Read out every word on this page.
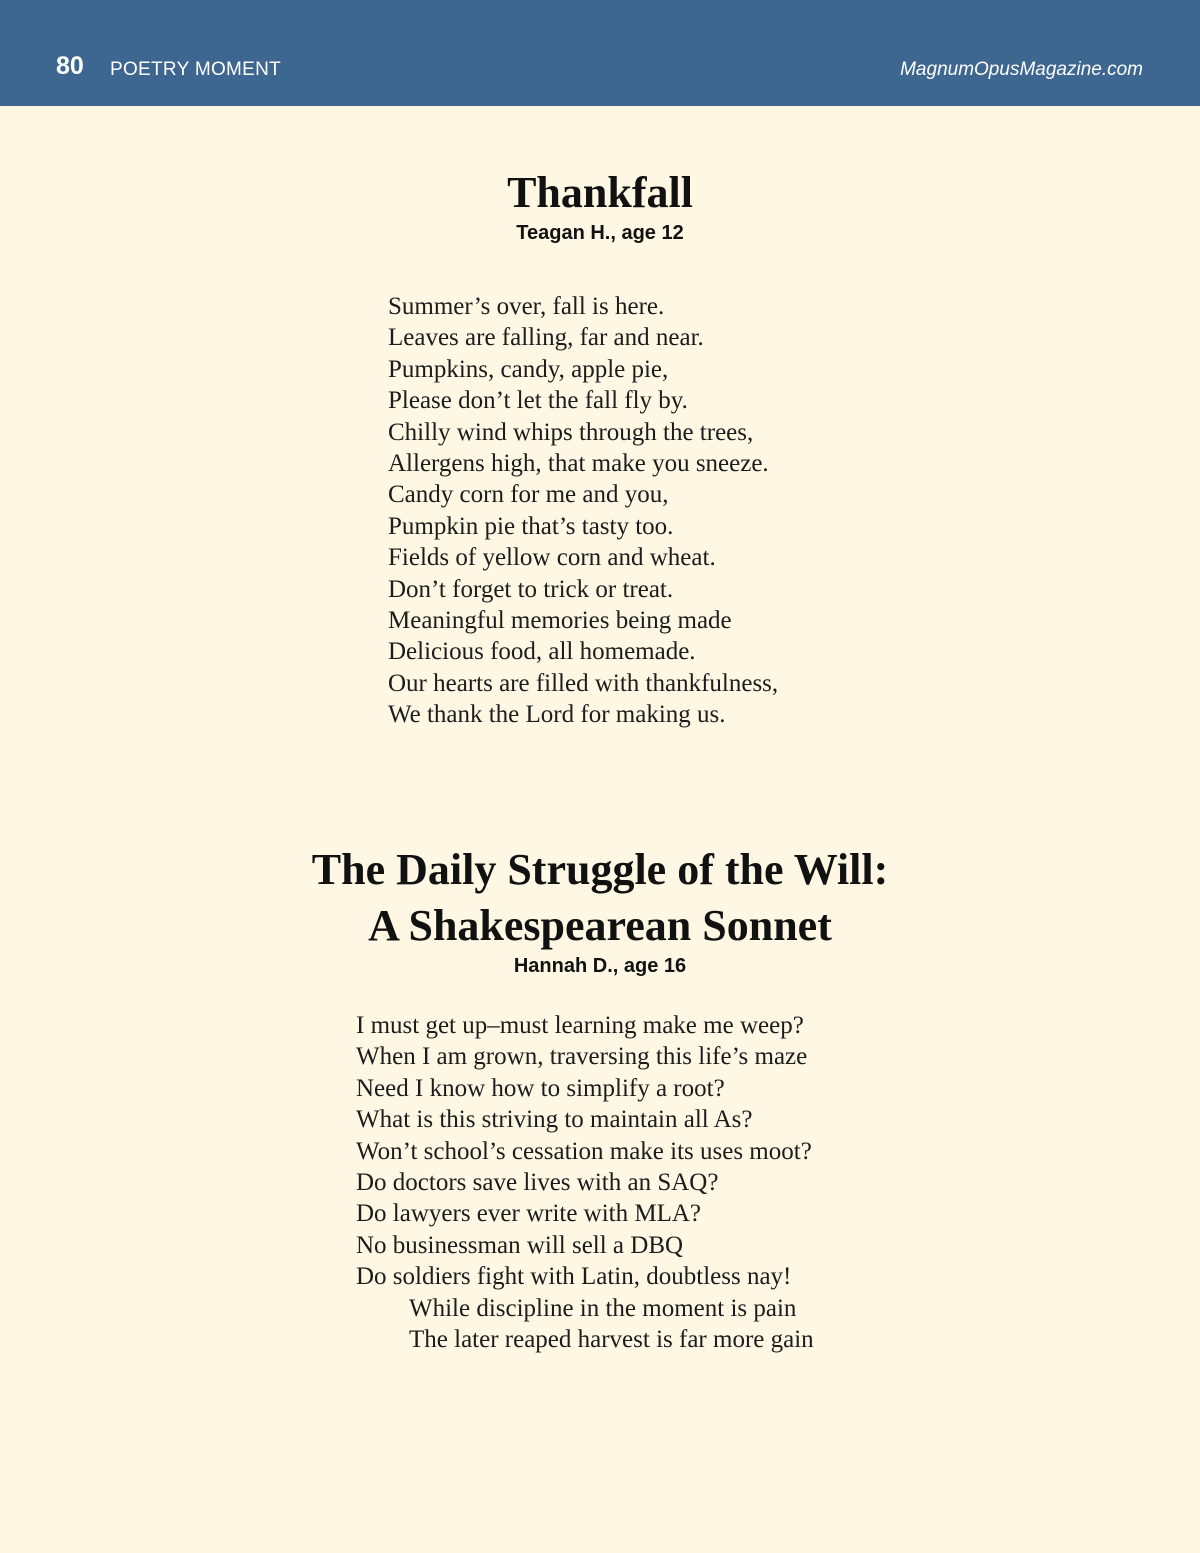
80 POETRY MOMENT	MagnumOpusMagazine.com
Thankfall
Teagan H., age 12
Summer’s over, fall is here.
Leaves are falling, far and near.
Pumpkins, candy, apple pie,
Please don’t let the fall fly by.
Chilly wind whips through the trees,
Allergens high, that make you sneeze.
Candy corn for me and you,
Pumpkin pie that’s tasty too.
Fields of yellow corn and wheat.
Don’t forget to trick or treat.
Meaningful memories being made
Delicious food, all homemade.
Our hearts are filled with thankfulness,
We thank the Lord for making us.
The Daily Struggle of the Will:
A Shakespearean Sonnet
Hannah D., age 16
I must get up–must learning make me weep?
When I am grown, traversing this life’s maze
Need I know how to simplify a root?
What is this striving to maintain all As?
Won’t school’s cessation make its uses moot?
Do doctors save lives with an SAQ?
Do lawyers ever write with MLA?
No businessman will sell a DBQ
Do soldiers fight with Latin, doubtless nay!
While discipline in the moment is pain
The later reaped harvest is far more gain
